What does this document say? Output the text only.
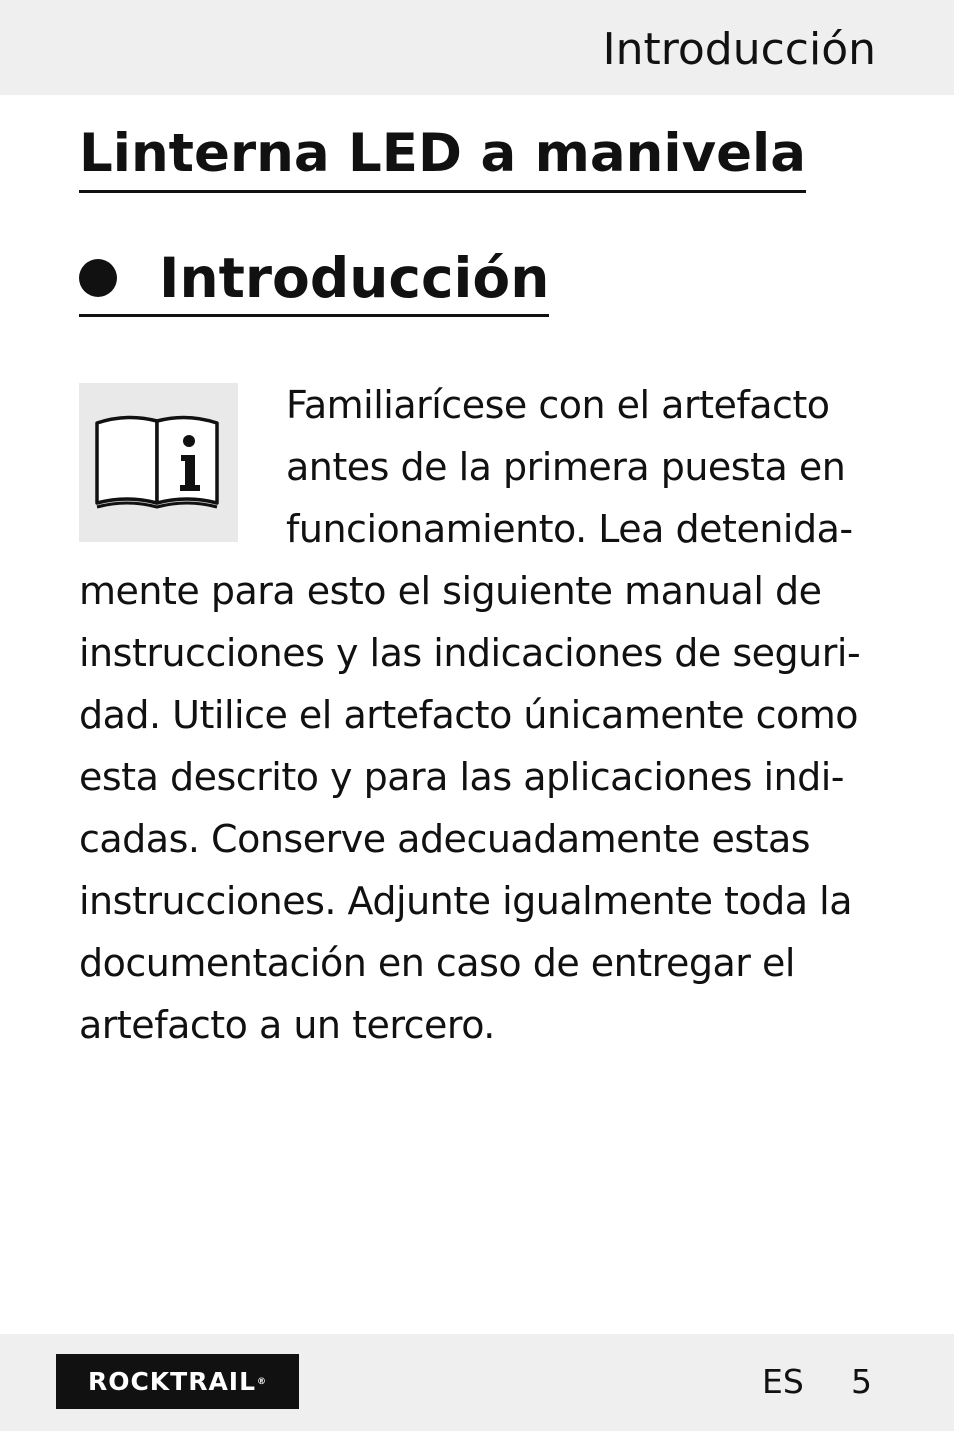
Introducción
Linterna LED a manivela
Introducción

Familiarícese con el artefacto
antes de la primera puesta en
funcionamiento. Lea detenida-
mente para esto el siguiente manual de
instrucciones y las indicaciones de seguri-
dad. Utilice el artefacto únicamente como
esta descrito y para las aplicaciones indi-
cadas. Conserve adecuadamente estas
instrucciones. Adjunte igualmente toda la
documentación en caso de entregar el
artefacto a un tercero.

ROCKTRAIL ®	ES 5
